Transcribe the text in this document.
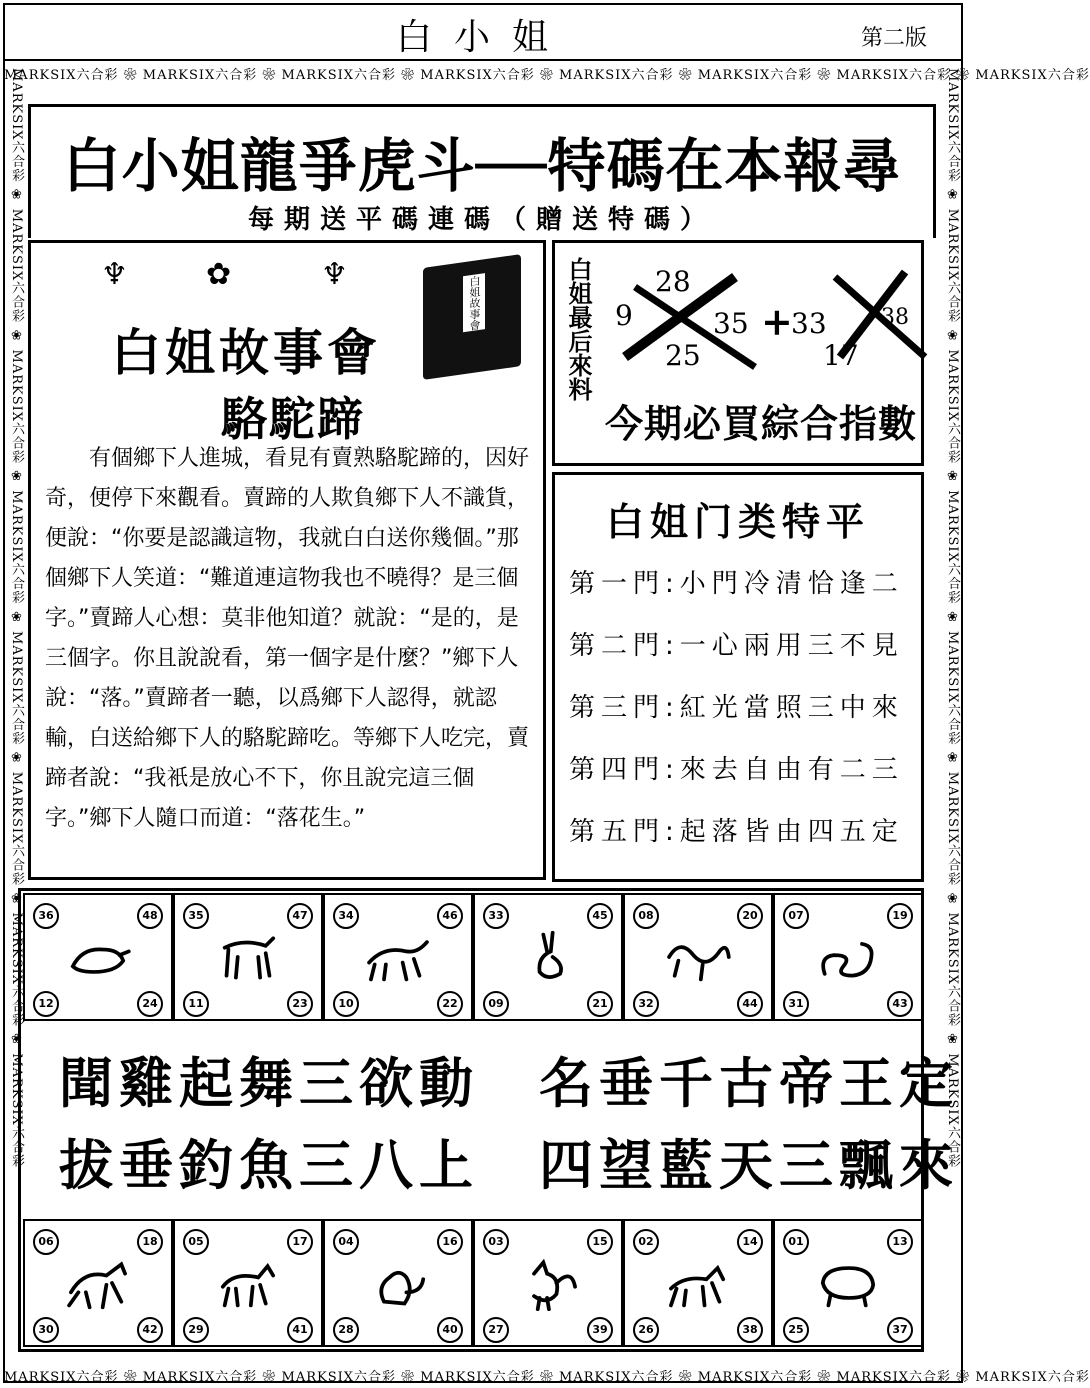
白小姐	第二版
MARKSIX六合彩 ❀ MARKSIX六合彩 ❀ MARKSIX六合彩 ❀ MARKSIX六合彩 ❀ MARKSIX六合彩 ❀ MARKSIX六合彩 ❀ MARKSIX六合彩 ❀ MARKSIX六合彩
MARKSIX六合彩 ❀ MARKSIX六合彩 ❀ MARKSIX六合彩 ❀ MARKSIX六合彩 ❀ MARKSIX六合彩 ❀ MARKSIX六合彩 ❀ MARKSIX六合彩 ❀ MARKSIX六合彩
MARKSIX六合彩 ❀ MARKSIX六合彩 ❀ MARKSIX六合彩 ❀ MARKSIX六合彩 ❀ MARKSIX六合彩 ❀ MARKSIX六合彩 ❀ MARKSIX六合彩 ❀ MARKSIX六合彩	MARKSIX六合彩 ❀ MARKSIX六合彩 ❀ MARKSIX六合彩 ❀ MARKSIX六合彩 ❀ MARKSIX六合彩 ❀ MARKSIX六合彩 ❀ MARKSIX六合彩 ❀ MARKSIX六合彩
白小姐龍爭虎斗──特碼在本報尋
每期送平碼連碼（贈送特碼）
♆	✿	♆	白姐故事會
白姐故事會
駱駝蹄
有個鄉下人進城，看見有賣熟駱駝蹄的，因好奇，便停下來觀看。賣蹄的人欺負鄉下人不識貨，便說：“你要是認識這物，我就白白送你幾個。”那個鄉下人笑道：“難道連這物我也不曉得？是三個字。”賣蹄人心想：莫非他知道？就說：“是的，是三個字。你且說說看，第一個字是什麼？”鄉下人說：“落。”賣蹄者一聽，以爲鄉下人認得，就認輸，白送給鄉下人的駱駝蹄吃。等鄉下人吃完，賣蹄者說：“我衹是放心不下，你且說完這三個字。”鄉下人隨口而道：“落花生。”
白姐最后來料 9
28
25
35 +
33
17
38
今期必買綜合指數
白姐门类特平
第一門:小門冷清恰逢二
第二門:一心兩用三不見
第三門:紅光當照三中來
第四門:來去自由有二三
第五門:起落皆由四五定
36	48
12	24
35	47
11	23
34	46
10	22
33	45
09	21
08	20
32	44
07	19
31	43
聞雞起舞三欲動　名垂千古帝王定
拔垂釣魚三八上　四望藍天三飄來
06	18
30	42
05	17
29	41
04	16
28	40
03	15
27	39
02	14
26	38
01	13
25	37
